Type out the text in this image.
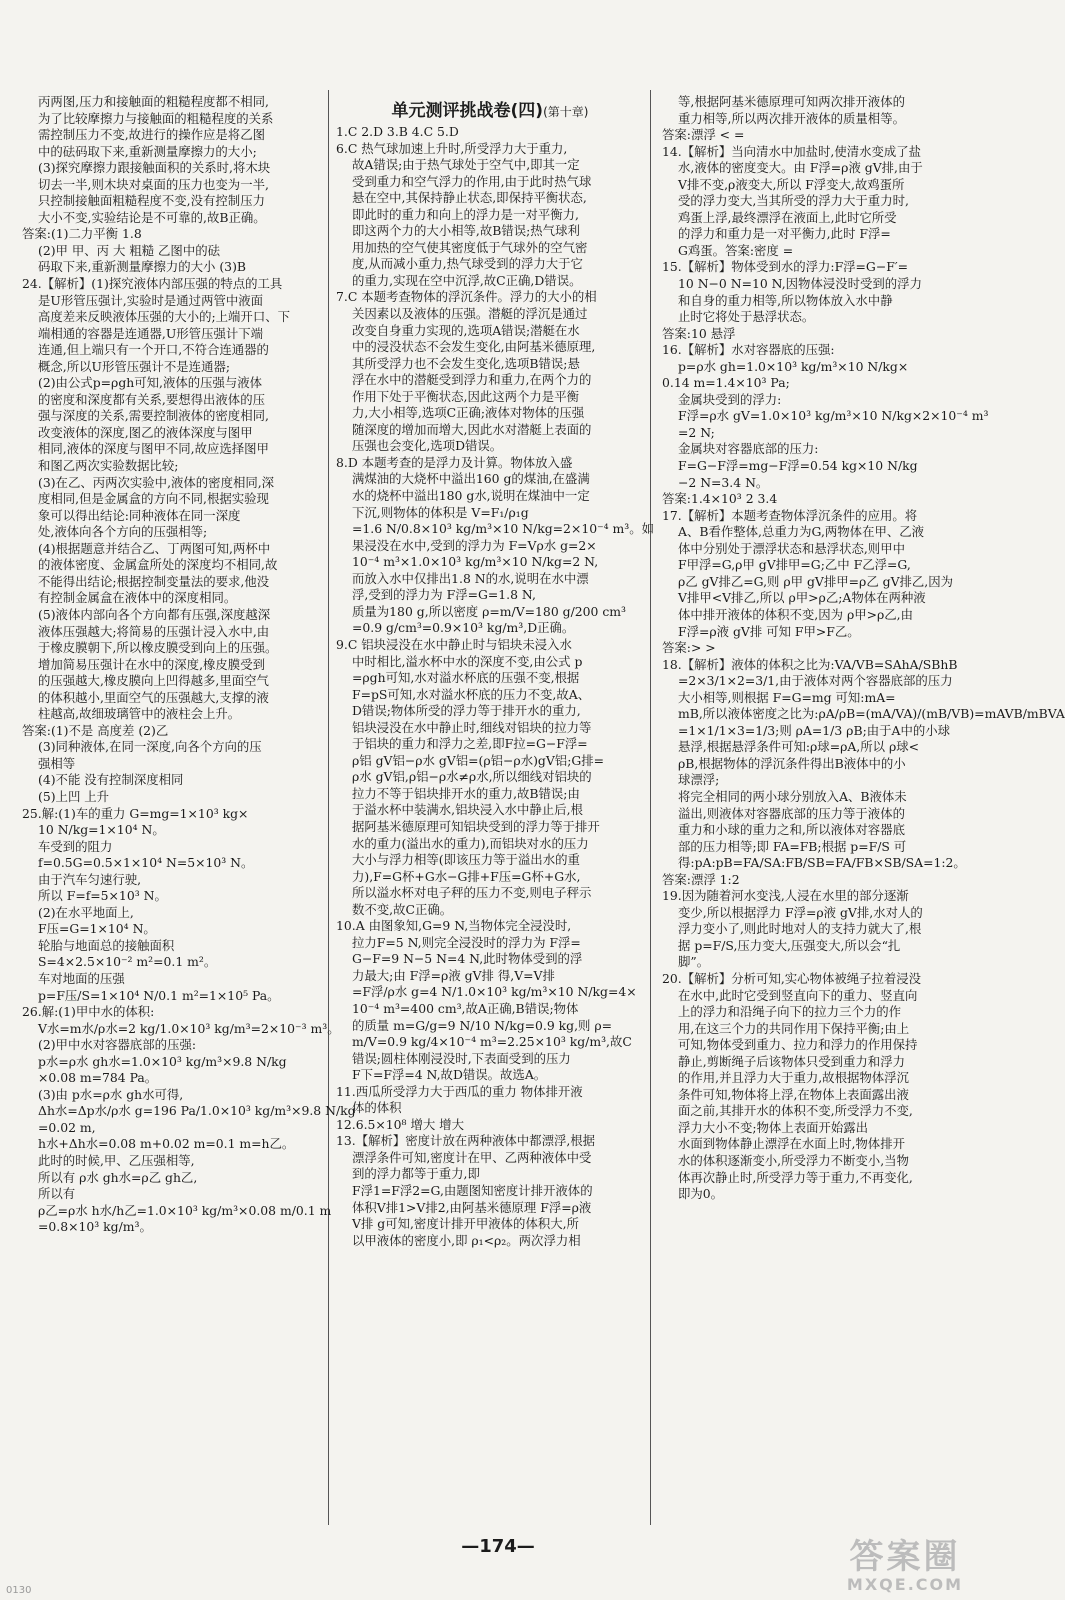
单元测评挑战卷(四)(第十章)
丙两图,压力和接触面的粗糙程度都不相同,
为了比较摩擦力与接触面的粗糙程度的关系
需控制压力不变,故进行的操作应是将乙图
中的砝码取下来,重新测量摩擦力的大小;
(3)探究摩擦力跟接触面积的关系时,将木块
切去一半,则木块对桌面的压力也变为一半,
只控制接触面粗糙程度不变,没有控制压力
大小不变,实验结论是不可靠的,故B正确。
答案:(1)二力平衡 1.8
(2)甲 甲、丙 大 粗糙 乙图中的砝
码取下来,重新测量摩擦力的大小 (3)B
24.【解析】(1)探究液体内部压强的特点的工具
是U形管压强计,实验时是通过两管中液面
高度差来反映液体压强的大小的;上端开口、下
端相通的容器是连通器,U形管压强计下端
连通,但上端只有一个开口,不符合连通器的
概念,所以U形管压强计不是连通器;
(2)由公式p=ρgh可知,液体的压强与液体
的密度和深度都有关系,要想得出液体的压
强与深度的关系,需要控制液体的密度相同,
改变液体的深度,图乙的液体深度与图甲
相同,液体的深度与图甲不同,故应选择图甲
和图乙两次实验数据比较;
(3)在乙、丙两次实验中,液体的密度相同,深
度相同,但是金属盒的方向不同,根据实验现
象可以得出结论:同种液体在同一深度
处,液体向各个方向的压强相等;
(4)根据题意并结合乙、丁两图可知,两杯中
的液体密度、金属盒所处的深度均不相同,故
不能得出结论;根据控制变量法的要求,他没
有控制金属盒在液体中的深度相同。
(5)液体内部向各个方向都有压强,深度越深
液体压强越大;将简易的压强计浸入水中,由
于橡皮膜朝下,所以橡皮膜受到向上的压强。
增加简易压强计在水中的深度,橡皮膜受到
的压强越大,橡皮膜向上凹得越多,里面空气
的体积越小,里面空气的压强越大,支撑的液
柱越高,故细玻璃管中的液柱会上升。
答案:(1)不是 高度差 (2)乙
(3)同种液体,在同一深度,向各个方向的压
强相等
(4)不能 没有控制深度相同
(5)上凹 上升
25.解:(1)车的重力 G=mg=1×10³ kg×
10 N/kg=1×10⁴ N。
车受到的阻力
f=0.5G=0.5×1×10⁴ N=5×10³ N。
由于汽车匀速行驶,
所以 F=f=5×10³ N。
(2)在水平地面上,
F压=G=1×10⁴ N。
轮胎与地面总的接触面积
S=4×2.5×10⁻² m²=0.1 m²。
车对地面的压强
p=F压/S=1×10⁴ N/0.1 m²=1×10⁵ Pa。
26.解:(1)甲中水的体积:
V水=m水/ρ水=2 kg/1.0×10³ kg/m³=2×10⁻³ m³。
(2)甲中水对容器底部的压强:
p水=ρ水 gh水=1.0×10³ kg/m³×9.8 N/kg
×0.08 m=784 Pa。
(3)由 p水=ρ水 gh水可得,
Δh水=Δp水/ρ水 g=196 Pa/1.0×10³ kg/m³×9.8 N/kg
=0.02 m,
h水+Δh水=0.08 m+0.02 m=0.1 m=h乙。
此时的时候,甲、乙压强相等,
所以有 ρ水 gh水=ρ乙 gh乙,
所以有
ρ乙=ρ水 h水/h乙=1.0×10³ kg/m³×0.08 m/0.1 m
=0.8×10³ kg/m³。
1.C 2.D 3.B 4.C 5.D
6.C 热气球加速上升时,所受浮力大于重力,
故A错误;由于热气球处于空气中,即其一定
受到重力和空气浮力的作用,由于此时热气球
悬在空中,其保持静止状态,即保持平衡状态,
即此时的重力和向上的浮力是一对平衡力,
即这两个力的大小相等,故B错误;热气球利
用加热的空气使其密度低于气球外的空气密
度,从而减小重力,热气球受到的浮力大于它
的重力,实现在空中沉浮,故C正确,D错误。
7.C 本题考查物体的浮沉条件。浮力的大小的相
关因素以及液体的压强。潜艇的浮沉是通过
改变自身重力实现的,选项A错误;潜艇在水
中的浸没状态不会发生变化,由阿基米德原理,
其所受浮力也不会发生变化,选项B错误;悬
浮在水中的潜艇受到浮力和重力,在两个力的
作用下处于平衡状态,因此这两个力是平衡
力,大小相等,选项C正确;液体对物体的压强
随深度的增加而增大,因此水对潜艇上表面的
压强也会变化,选项D错误。
8.D 本题考查的是浮力及计算。物体放入盛
满煤油的大烧杯中溢出160 g的煤油,在盛满
水的烧杯中溢出180 g水,说明在煤油中一定
下沉,则物体的体积是 V=F₁/ρ₁g
=1.6 N/0.8×10³ kg/m³×10 N/kg=2×10⁻⁴ m³。如
果浸没在水中,受到的浮力为 F=Vρ水 g=2×
10⁻⁴ m³×1.0×10³ kg/m³×10 N/kg=2 N,
而放入水中仅排出1.8 N的水,说明在水中漂
浮,受到的浮力为 F浮=G=1.8 N,
质量为180 g,所以密度 ρ=m/V=180 g/200 cm³
=0.9 g/cm³=0.9×10³ kg/m³,D正确。
9.C 铝块浸没在水中静止时与铝块未浸入水
中时相比,溢水杯中水的深度不变,由公式 p
=ρgh可知,水对溢水杯底的压强不变,根据
F=pS可知,水对溢水杯底的压力不变,故A、
D错误;物体所受的浮力等于排开水的重力,
铝块浸没在水中静止时,细线对铝块的拉力等
于铝块的重力和浮力之差,即F拉=G−F浮=
ρ铝 gV铝−ρ水 gV铝=(ρ铝−ρ水)gV铝;G排=
ρ水 gV铝,ρ铝−ρ水≠ρ水,所以细线对铝块的
拉力不等于铝块排开水的重力,故B错误;由
于溢水杯中装满水,铝块浸入水中静止后,根
据阿基米德原理可知铝块受到的浮力等于排开
水的重力(溢出水的重力),而铝块对水的压力
大小与浮力相等(即该压力等于溢出水的重
力),F=G杯+G水−G排+F压=G杯+G水,
所以溢水杯对电子秤的压力不变,则电子秤示
数不变,故C正确。
10.A 由图象知,G=9 N,当物体完全浸没时,
拉力F=5 N,则完全浸没时的浮力为 F浮=
G−F=9 N−5 N=4 N,此时物体受到的浮
力最大;由 F浮=ρ液 gV排 得,V=V排
=F浮/ρ水 g=4 N/1.0×10³ kg/m³×10 N/kg=4×
10⁻⁴ m³=400 cm³,故A正确,B错误;物体
的质量 m=G/g=9 N/10 N/kg=0.9 kg,则 ρ=
m/V=0.9 kg/4×10⁻⁴ m³=2.25×10³ kg/m³,故C
错误;圆柱体刚浸没时,下表面受到的压力
F下=F浮=4 N,故D错误。故选A。
11.西瓜所受浮力大于西瓜的重力 物体排开液
体的体积
12.6.5×10⁸ 增大 增大
13.【解析】密度计放在两种液体中都漂浮,根据
漂浮条件可知,密度计在甲、乙两种液体中受
到的浮力都等于重力,即
F浮1=F浮2=G,由题图知密度计排开液体的
体积V排1>V排2,由阿基米德原理 F浮=ρ液
V排 g可知,密度计排开甲液体的体积大,所
以甲液体的密度小,即 ρ₁<ρ₂。两次浮力相
等,根据阿基米德原理可知两次排开液体的
重力相等,所以两次排开液体的质量相等。
答案:漂浮 < =
14.【解析】当向清水中加盐时,使清水变成了盐
水,液体的密度变大。由 F浮=ρ液 gV排,由于
V排不变,ρ液变大,所以 F浮变大,故鸡蛋所
受的浮力变大,当其所受的浮力大于重力时,
鸡蛋上浮,最终漂浮在液面上,此时它所受
的浮力和重力是一对平衡力,此时 F浮=
G鸡蛋。答案:密度 =
15.【解析】物体受到水的浮力:F浮=G−F′=
10 N−0 N=10 N,因物体浸没时受到的浮力
和自身的重力相等,所以物体放入水中静
止时它将处于悬浮状态。
答案:10 悬浮
16.【解析】水对容器底的压强:
p=ρ水 gh=1.0×10³ kg/m³×10 N/kg×
0.14 m=1.4×10³ Pa;
金属块受到的浮力:
F浮=ρ水 gV=1.0×10³ kg/m³×10 N/kg×2×10⁻⁴ m³
=2 N;
金属块对容器底部的压力:
F=G−F浮=mg−F浮=0.54 kg×10 N/kg
−2 N=3.4 N。
答案:1.4×10³ 2 3.4
17.【解析】本题考查物体浮沉条件的应用。将
A、B看作整体,总重力为G,两物体在甲、乙液
体中分别处于漂浮状态和悬浮状态,则甲中
F甲浮=G,ρ甲 gV排甲=G;乙中 F乙浮=G,
ρ乙 gV排乙=G,则 ρ甲 gV排甲=ρ乙 gV排乙,因为
V排甲<V排乙,所以 ρ甲>ρ乙;A物体在两种液
体中排开液体的体积不变,因为 ρ甲>ρ乙,由
F浮=ρ液 gV排 可知 F甲>F乙。
答案:> >
18.【解析】液体的体积之比为:VA/VB=SAhA/SBhB
=2×3/1×2=3/1,由于液体对两个容器底部的压力
大小相等,则根据 F=G=mg 可知:mA=
mB,所以液体密度之比为:ρA/ρB=(mA/VA)/(mB/VB)=mAVB/mBVA
=1×1/1×3=1/3;则 ρA=1/3 ρB;由于A中的小球
悬浮,根据悬浮条件可知:ρ球=ρA,所以 ρ球<
ρB,根据物体的浮沉条件得出B液体中的小
球漂浮;
将完全相同的两小球分别放入A、B液体未
溢出,则液体对容器底部的压力等于液体的
重力和小球的重力之和,所以液体对容器底
部的压力相等;即 FA=FB;根据 p=F/S 可
得:pA:pB=FA/SA:FB/SB=FA/FB×SB/SA=1:2。
答案:漂浮 1:2
19.因为随着河水变浅,人浸在水里的部分逐渐
变少,所以根据浮力 F浮=ρ液 gV排,水对人的
浮力变小了,则此时地对人的支持力就大了,根
据 p=F/S,压力变大,压强变大,所以会“扎
脚”。
20.【解析】分析可知,实心物体被绳子拉着浸没
在水中,此时它受到竖直向下的重力、竖直向
上的浮力和沿绳子向下的拉力三个力的作
用,在这三个力的共同作用下保持平衡;由上
可知,物体受到重力、拉力和浮力的作用保持
静止,剪断绳子后该物体只受到重力和浮力
的作用,并且浮力大于重力,故根据物体浮沉
条件可知,物体将上浮,在物体上表面露出液
面之前,其排开水的体积不变,所受浮力不变,
浮力大小不变;物体上表面开始露出
水面到物体静止漂浮在水面上时,物体排开
水的体积逐渐变小,所受浮力不断变小,当物
体再次静止时,所受浮力等于重力,不再变化,
即为0。
—174—
0130
答案圈
MXQE.COM
